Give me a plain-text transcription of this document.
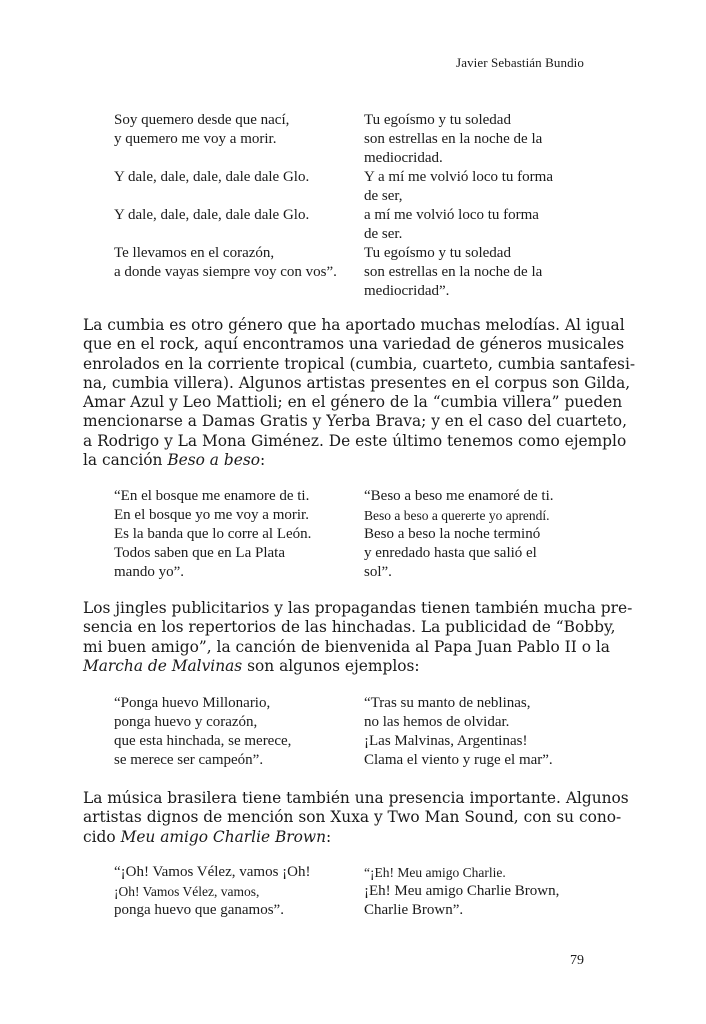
Javier Sebastián Bundio
Soy quemero desde que nací,
y quemero me voy a morir.
Y dale, dale, dale, dale dale Glo.
Y dale, dale, dale, dale dale Glo.
Te llevamos en el corazón,
a donde vayas siempre voy con vos”.
Tu egoísmo y tu soledad
son estrellas en la noche de la
mediocridad.
Y a mí me volvió loco tu forma
de ser,
a mí me volvió loco tu forma
de ser.
Tu egoísmo y tu soledad
son estrellas en la noche de la
mediocridad”.
La cumbia es otro género que ha aportado muchas melodías. Al igual
que en el rock, aquí encontramos una variedad de géneros musicales
enrolados en la corriente tropical (cumbia, cuarteto, cumbia santafesi-
na, cumbia villera). Algunos artistas presentes en el corpus son Gilda,
Amar Azul y Leo Mattioli; en el género de la “cumbia villera” pueden
mencionarse a Damas Gratis y Yerba Brava; y en el caso del cuarteto,
a Rodrigo y La Mona Giménez. De este último tenemos como ejemplo
la canción Beso a beso:
“En el bosque me enamore de ti.
En el bosque yo me voy a morir.
Es la banda que lo corre al León.
Todos saben que en La Plata
mando yo”.
“Beso a beso me enamoré de ti.
Beso a beso a quererte yo aprendí.
Beso a beso la noche terminó
y enredado hasta que salió el
sol”.
Los jingles publicitarios y las propagandas tienen también mucha pre-
sencia en los repertorios de las hinchadas. La publicidad de “Bobby,
mi buen amigo”, la canción de bienvenida al Papa Juan Pablo II o la
Marcha de Malvinas son algunos ejemplos:
“Ponga huevo Millonario,
ponga huevo y corazón,
que esta hinchada, se merece,
se merece ser campeón”.
“Tras su manto de neblinas,
no las hemos de olvidar.
¡Las Malvinas, Argentinas!
Clama el viento y ruge el mar”.
La música brasilera tiene también una presencia importante. Algunos
artistas dignos de mención son Xuxa y Two Man Sound, con su cono-
cido Meu amigo Charlie Brown:
“¡Oh! Vamos Vélez, vamos ¡Oh!
¡Oh! Vamos Vélez, vamos,
ponga huevo que ganamos”.
“¡Eh! Meu amigo Charlie.
¡Eh! Meu amigo Charlie Brown,
Charlie Brown”.
79
